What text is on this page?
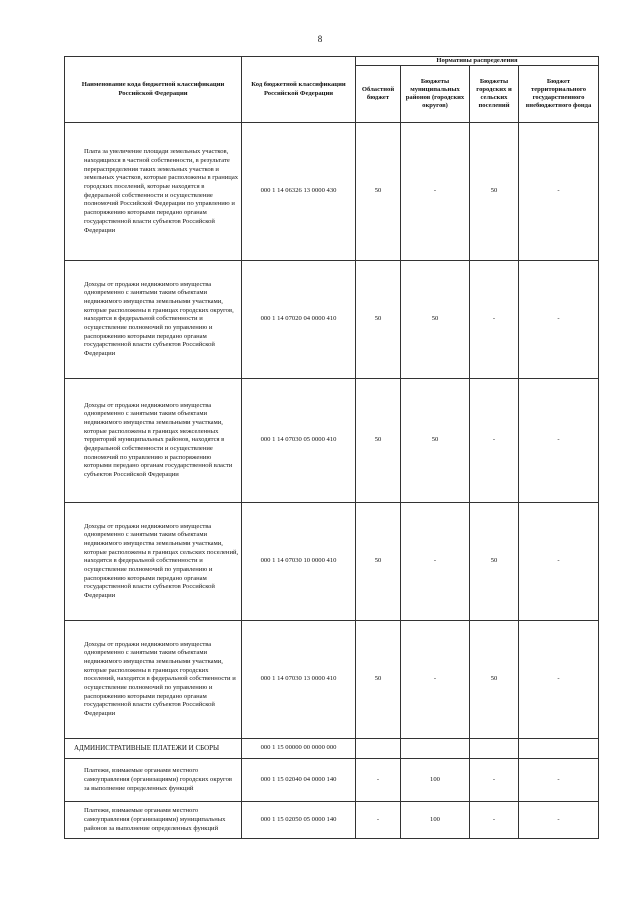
8
Наименование кода бюджетной классификации Российской Федерации	Код бюджетной классификации Российской Федерации	Нормативы распределения			
		Областной бюджет	Бюджеты муниципальных районов (городских округов)	Бюджеты городских и сельских поселений	Бюджет территориального государственного внебюджетного фонда
Плата за увеличение площади земельных участков, находящихся в частной собственности, в результате перераспределения таких земельных участков и земельных участков, которые расположены в границах городских поселений, которые находятся в федеральной собственности и осуществление полномочий Российской Федерации по управлению и распоряжению которыми передано органам государственной власти субъектов Российской Федерации	000 1 14 06326 13 0000 430	50	-	50	-
Доходы от продажи недвижимого имущества одновременно с занятыми таким объектами недвижимого имущества земельными участками, которые расположены в границах городских округов, находятся в федеральной собственности и осуществление полномочий по управлению и распоряжению которыми передано органам государственной власти субъектов Российской Федерации	000 1 14 07020 04 0000 410	50	50	-	-
Доходы от продажи недвижимого имущества одновременно с занятыми таким объектами недвижимого имущества земельными участками, которые расположены в границах межселенных территорий муниципальных районов, находятся в федеральной собственности и осуществление полномочий по управлению и распоряжению которыми передано органам государственной власти субъектов Российской Федерации	000 1 14 07030 05 0000 410	50	50	-	-
Доходы от продажи недвижимого имущества одновременно с занятыми таким объектами недвижимого имущества земельными участками, которые расположены в границах сельских поселений, находятся в федеральной собственности и осуществление полномочий по управлению и распоряжению которыми передано органам государственной власти субъектов Российской Федерации	000 1 14 07030 10 0000 410	50	-	50	-
Доходы от продажи недвижимого имущества одновременно с занятыми таким объектами недвижимого имущества земельными участками, которые расположены в границах городских поселений, находятся в федеральной собственности и осуществление полномочий по управлению и распоряжению которыми передано органам государственной власти субъектов Российской Федерации	000 1 14 07030 13 0000 410	50	-	50	-
АДМИНИСТРАТИВНЫЕ ПЛАТЕЖИ И СБОРЫ	000 1 15 00000 00 0000 000				
Платежи, взимаемые органами местного самоуправления (организациями) городских округов за выполнение определенных функций	000 1 15 02040 04 0000 140	-	100	-	-
Платежи, взимаемые органами местного самоуправления (организациями) муниципальных районов за выполнение определенных функций	000 1 15 02050 05 0000 140	-	100	-	-
